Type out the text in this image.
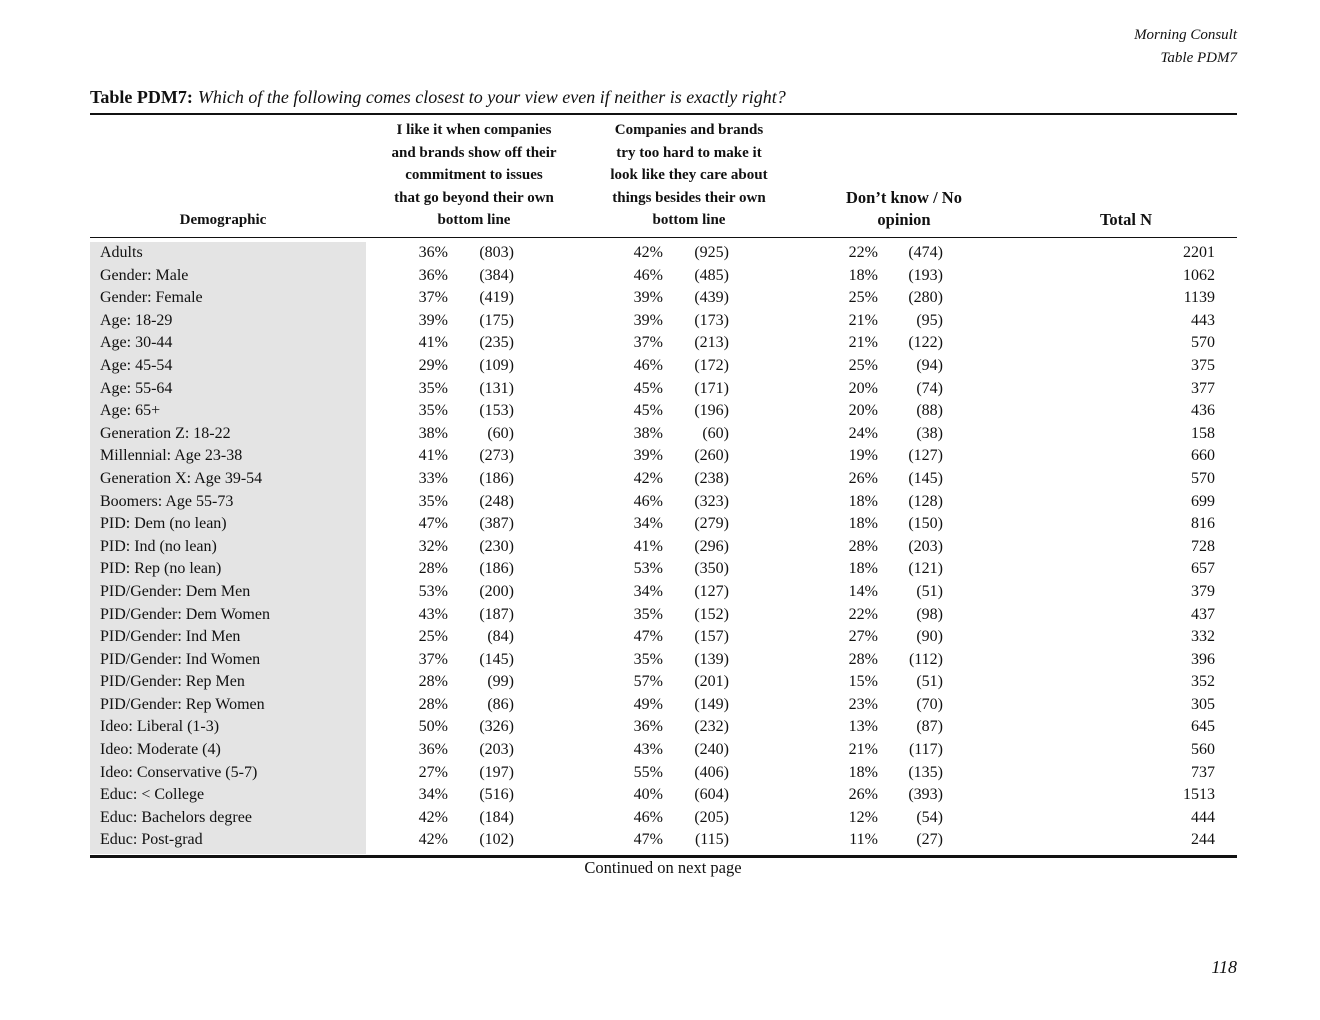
Morning Consult
Table PDM7
Table PDM7: Which of the following comes closest to your view even if neither is exactly right?
Demographic
I like it when companies
and brands show off their
commitment to issues
that go beyond their own
bottom line
Companies and brands
try too hard to make it
look like they care about
things besides their own
bottom line
Don’t know / No
opinion	Total N
Adults	36% (803)	42% (925)	22% (474)	2201
Gender: Male	36% (384)	46% (485)	18% (193)	1062
Gender: Female	37% (419)	39% (439)	25% (280)	1139
Age: 18-29	39% (175)	39% (173)	21% (95)	443
Age: 30-44	41% (235)	37% (213)	21% (122)	570
Age: 45-54	29% (109)	46% (172)	25% (94)	375
Age: 55-64	35% (131)	45% (171)	20% (74)	377
Age: 65+	35% (153)	45% (196)	20% (88)	436
Generation Z: 18-22	38% (60)	38% (60)	24% (38)	158
Millennial: Age 23-38	41% (273)	39% (260)	19% (127)	660
Generation X: Age 39-54	33% (186)	42% (238)	26% (145)	570
Boomers: Age 55-73	35% (248)	46% (323)	18% (128)	699
PID: Dem (no lean)	47% (387)	34% (279)	18% (150)	816
PID: Ind (no lean)	32% (230)	41% (296)	28% (203)	728
PID: Rep (no lean)	28% (186)	53% (350)	18% (121)	657
PID/Gender: Dem Men	53% (200)	34% (127)	14% (51)	379
PID/Gender: Dem Women	43% (187)	35% (152)	22% (98)	437
PID/Gender: Ind Men	25% (84)	47% (157)	27% (90)	332
PID/Gender: Ind Women	37% (145)	35% (139)	28% (112)	396
PID/Gender: Rep Men	28% (99)	57% (201)	15% (51)	352
PID/Gender: Rep Women	28% (86)	49% (149)	23% (70)	305
Ideo: Liberal (1-3)	50% (326)	36% (232)	13% (87)	645
Ideo: Moderate (4)	36% (203)	43% (240)	21% (117)	560
Ideo: Conservative (5-7)	27% (197)	55% (406)	18% (135)	737
Educ: < College	34% (516)	40% (604)	26% (393)	1513
Educ: Bachelors degree	42% (184)	46% (205)	12% (54)	444
Educ: Post-grad	42% (102)	47% (115)	11% (27)	244
Continued on next page
118
